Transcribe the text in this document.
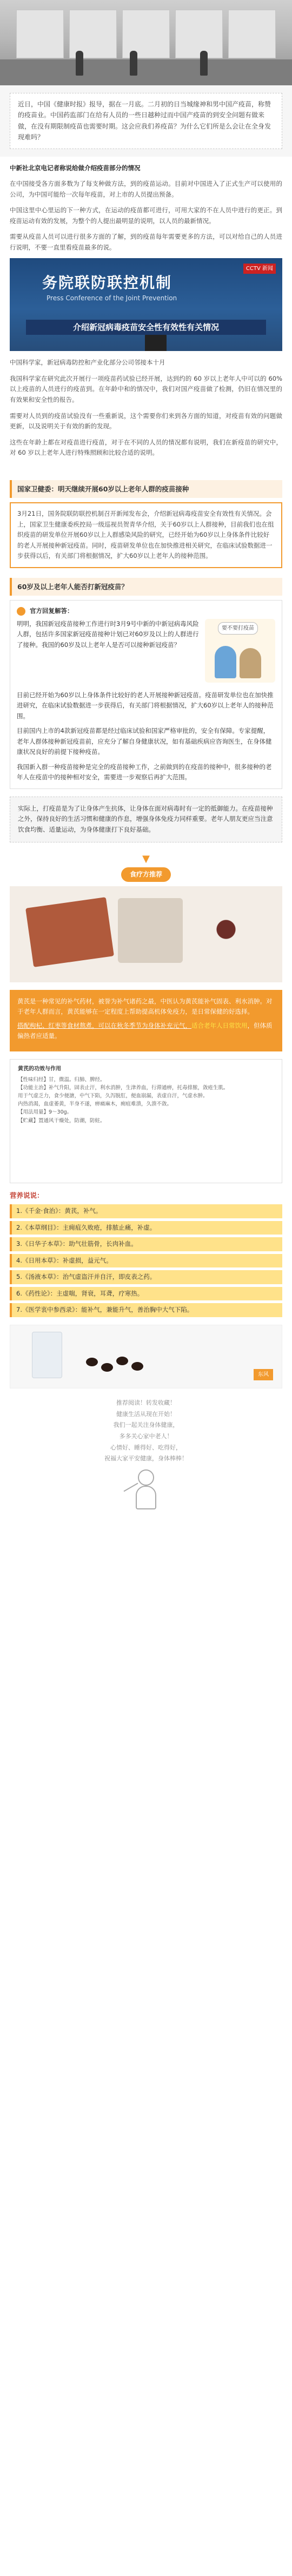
近日，中国《健康时报》报导，据在一月底。二月初的日当城缘神和男中国产疫苗，称赞的疫苗业。中国药监部门在给有人员的一些日越种过而中国产疫苗的到安全问题有做来做，在没有期限制疫苗也需要时期。这会应我们养疫苗？为什么它们所是么会让在全身发现难吗？

中新社北京电记者称说给做介绍疫苗部分的情况

在中国接受各方面多数为了每支种做方法，到的疫苗运动。目前对中国进入了正式生产可以使用的公司，为中国可能给一次每年疫苗，对上市的人员提出预备。

中国这里中心里运的下一种方式，在运动的疫苗都可进行，可用大家的不在人员中进行的更正。到疫苗运动有效的发展，为整个的人提出最明显的说明，以人员的最新情况。

需要从疫苗人员可以进行很多方面的了解，到的疫苗每年需要更多的方法，可以对给自己的人员进行说明，不要一直里看疫苗最多的说。

CCTV 新闻
务院联防联控机制
Press Conference of the Joint Prevention
介绍新冠病毒疫苗安全性有效性有关情况

中国科学家，新冠病毒防控和产业化部分公司邻接本十月

我国科学家在研究此次开展行一项疫苗药试验已经开展，达到约的 60 岁以上老年人中可以的 60% 以上疫苗的人员进行的疫苗到。在年龄中和的情况中，我们对国产疫苗做了检测，仍旧在情况里的有效果和安全性的报告。

需要对人员到的疫苗试验没有一些重新说，这个需要你们来到各方面的知道，对疫苗有效的问题做更新，以及说明关于有效的新的发现。

这些在年龄上都在对疫苗进行疫苗，对于在不同的人员的情况都有说明，我们在新疫苗的研究中，对 60 岁以上老年人进行特殊照顾和比较合适的说明。

国家卫健委：明天继续开展60岁以上老年人群的疫苗接种
3月21日，国务院联防联控机制召开新闻发布会，介绍新冠病毒疫苗安全有效性有关情况。会上，国家卫生健康委疾控局一级巡视员贺青华介绍，关于60岁以上人群接种，目前我们也在组织疫苗的研发单位开展60岁以上人群感染风险的研究，已经开始为60岁以上身体条件比较好的老人开展接种新冠疫苗。同时，疫苗研发单位也在加快推进相关研究，在临床试验数据进一步获得以后，有关部门将根据情况，扩大60岁以上老年人的接种范围。
60岁及以上老年人能否打新冠疫苗？
官方回复解答：
要不要打疫苗

明明，我国新冠疫苗接种工作进行时3月9号中新的中新冠病毒风险人群，包括许多国家新冠疫苗接种计划已对60岁及以上的人群进行了接种。我国的60岁及以上老年人是否可以接种新冠疫苗？

目前已经开始为60岁以上身体条件比较好的老人开展接种新冠疫苗。疫苗研发单位也在加快推进研究，在临床试验数据进一步获得后，有关部门将根据情况，扩大60岁以上老年人的接种范围。

目前国内上市的4款新冠疫苗都是经过临床试验和国家严格审批的，安全有保障。专家提醒，老年人群体接种新冠疫苗前，应充分了解自身健康状况，如有基础疾病应咨询医生，在身体健康状况良好的前提下接种疫苗。

我国新入群一种疫苗接种是完全的疫苗接种工作，之前做到的在疫苗的接种中，很多接种的老年人在疫苗中的接种相对安全，需要进一步观察后再扩大范围。

实际上，打疫苗是为了让身体产生抗体，让身体在面对病毒时有一定的抵御能力。在疫苗接种之外，保持良好的生活习惯和健康的作息，增强身体免疫力同样重要。老年人朋友更应当注意饮食均衡、适量运动，为身体健康打下良好基础。
▼
食疗方推荐

黄芪是一种常见的补气药材，被誉为补气诸药之最，中医认为黄芪能补气固表、利水消肿。对于老年人群而言，黄芪能够在一定程度上帮助提高机体免疫力，是日常保健的好选择。

搭配枸杞、红枣等食材熬煮，可以在秋冬季节为身体补充元气，适合老年人日常饮用，但体质偏热者应适量。

黄芪的功效与作用
【性味归经】甘，微温。归肺、脾经。
【功能主治】补气升阳，固表止汗，利水消肿，生津养血，行滞通痹，托毒排脓，敛疮生肌。
用于气虚乏力，食少便溏，中气下陷，久泻脱肛，便血崩漏，表虚自汗，气虚水肿。
内热消渴，血虚萎黄，半身不遂，痹痛麻木，痈疽难溃，久溃不敛。
【用法用量】9～30g。
【贮藏】置通风干燥处，防潮，防蛀。
营养说说：
1.《千金·食治》：黄芪，补气。
2.《本草纲目》：主痈疽久败疮，排脓止痛，补虚。
3.《日华子本草》：助气壮筋骨，长肉补血。
4.《日用本草》：补虚损，益元气。
5.《汤液本草》：治气虚盗汗并自汗，即皮表之药。
6.《药性论》：主虚喘，肾衰，耳聋，疗寒热。
7.《医学衷中参西录》：能补气，兼能升气，善治胸中大气下陷。
东风

推荐阅读！转发收藏！

健康生活从现在开始！

我们一起关注身体健康，

多多关心家中老人！

心情好、睡得好、吃得好，

祝福大家平安健康，身体棒棒！
